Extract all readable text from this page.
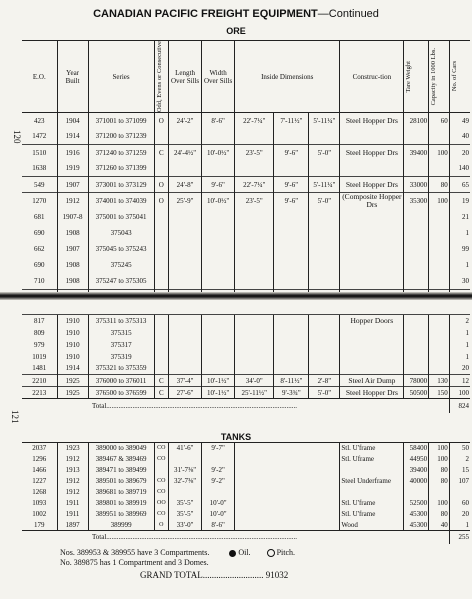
CANADIAN PACIFIC FREIGHT EQUIPMENT—Continued
ORE
120
E.O.	Year Built	Series	Odd, Evens or Consecutive	Length Over Sills	Width Over Sills	Inside Dimensions			Construc-tion	Tare Weight	Capacity in 1000 Lbs.	No. of Cars

423	1904	371001 to 371099	O	24'-2"	8'-6"	22'-7¼"	7'-11½"	5'-11¼"	Steel Hopper Drs	28100	60	49
1472	1914	371200 to 371239										40
1510	1916	371240 to 371259	C	24'-4½"	10'-0½"	23'-5"	9'-6"	5'-0"	Steel Hopper Drs	39400	100	20
1638	1919	371260 to 371399										140
549	1907	373001 to 373129	O	24'-8"	9'-6"	22'-7¼"	9'-6"	5'-11¼"	Steel Hopper Drs	33000	80	65
1270	1912	374001 to 374039	O	25'-9"	10'-0½"	23'-5"	9'-6"	5'-0"	(Composite Hopper Drs	35300	100	19
681	1907-8	375001 to 375041										21
690	1908	375043										1
662	1907	375045 to 375243										99
690	1908	375245										1
710	1908	375247 to 375305										30

121
817	1910	375311 to 375313							Hopper Doors			2
809	1910	375315										1
979	1910	375317										1
1019	1910	375319										1
1481	1914	375321 to 375359										20
2210	1925	376000 to 376011	C	37'-4"	10'-1½"	34'-0"	8'-11½"	2'-8"	Steel Air Dump	78000	130	12
2213	1925	376500 to 376599	C	27'-6"	10'-1½"	25'-11½"	9'-3¾"	5'-0"	Steel Hopper Drs	50500	150	100
Total.............................................................................................................												824
TANKS
2037	1923	389000 to 389049	CO	41'-6"	9'-7"		Stl. U'frame	58400	100	50
1296	1912	389467 & 389469	CO				Stl. Uframe	44950	100	2
1466	1913	389471 to 389499		31'-7⅜"	9'-2"			39400	80	15
1227	1912	389501 to 389679	CO	32'-7⅜"	9'-2"		Steel Underframe	40000	80	107
1268	1912	389681 to 389719	CO							
1093	1911	389801 to 389919	OO	35'-5"	10'-0"		Stl. U'frame	52500	100	60
1002	1911	389951 to 389969	CO	35'-5"	10'-0"		Stl. U'frame	45300	80	20
179	1897	389999	O	33'-0"	8'-6"		Wood	45300	40	1
Total.............................................................................................................										255
Nos. 389953 & 389955 have 3 Compartments.	Oil.	Pitch.
No. 389875 has 1 Compartment and 3 Domes.
GRAND TOTAL........................... 91032
